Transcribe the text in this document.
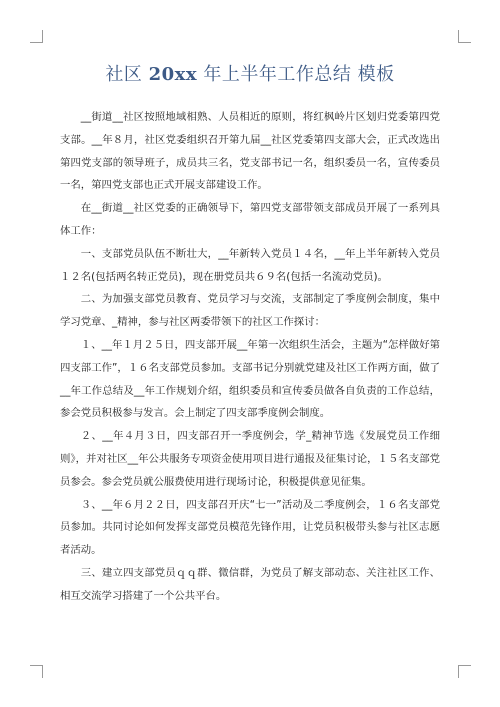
社区 20xx 年上半年工作总结 模板

__街道__社区按照地域相熟、人员相近的原则，将红枫岭片区划归党委第四党支部。__年８月，社区党委组织召开第九届__社区党委第四支部大会，正式改选出第四党支部的领导班子，成员共三名，党支部书记一名，组织委员一名，宣传委员一名，第四党支部也正式开展支部建设工作。

在__街道__社区党委的正确领导下，第四党支部带领支部成员开展了一系列具体工作：

一、支部党员队伍不断壮大，__年新转入党员１４名，__年上半年新转入党员１２名(包括两名转正党员)，现在册党员共６９名(包括一名流动党员)。

二、为加强支部党员教育、党员学习与交流，支部制定了季度例会制度，集中学习党章、_精神，参与社区两委带领下的社区工作探讨：

１、__年１月２５日，四支部开展__年第一次组织生活会，主题为“怎样做好第四支部工作”，１６名支部党员参加。支部书记分别就党建及社区工作两方面，做了__年工作总结及__年工作规划介绍，组织委员和宣传委员做各自负责的工作总结，参会党员积极参与发言。会上制定了四支部季度例会制度。

２、__年４月３日，四支部召开一季度例会，学_精神节选《发展党员工作细则》，并对社区__年公共服务专项资金使用项目进行通报及征集讨论，１５名支部党员参会。参会党员就公服费使用进行现场讨论，积极提供意见征集。

３、__年６月２２日，四支部召开庆“七一”活动及二季度例会，１６名支部党员参加。共同讨论如何发挥支部党员模范先锋作用，让党员积极带头参与社区志愿者活动。

三、建立四支部党员ｑｑ群、微信群，为党员了解支部动态、关注社区工作、相互交流学习搭建了一个公共平台。
